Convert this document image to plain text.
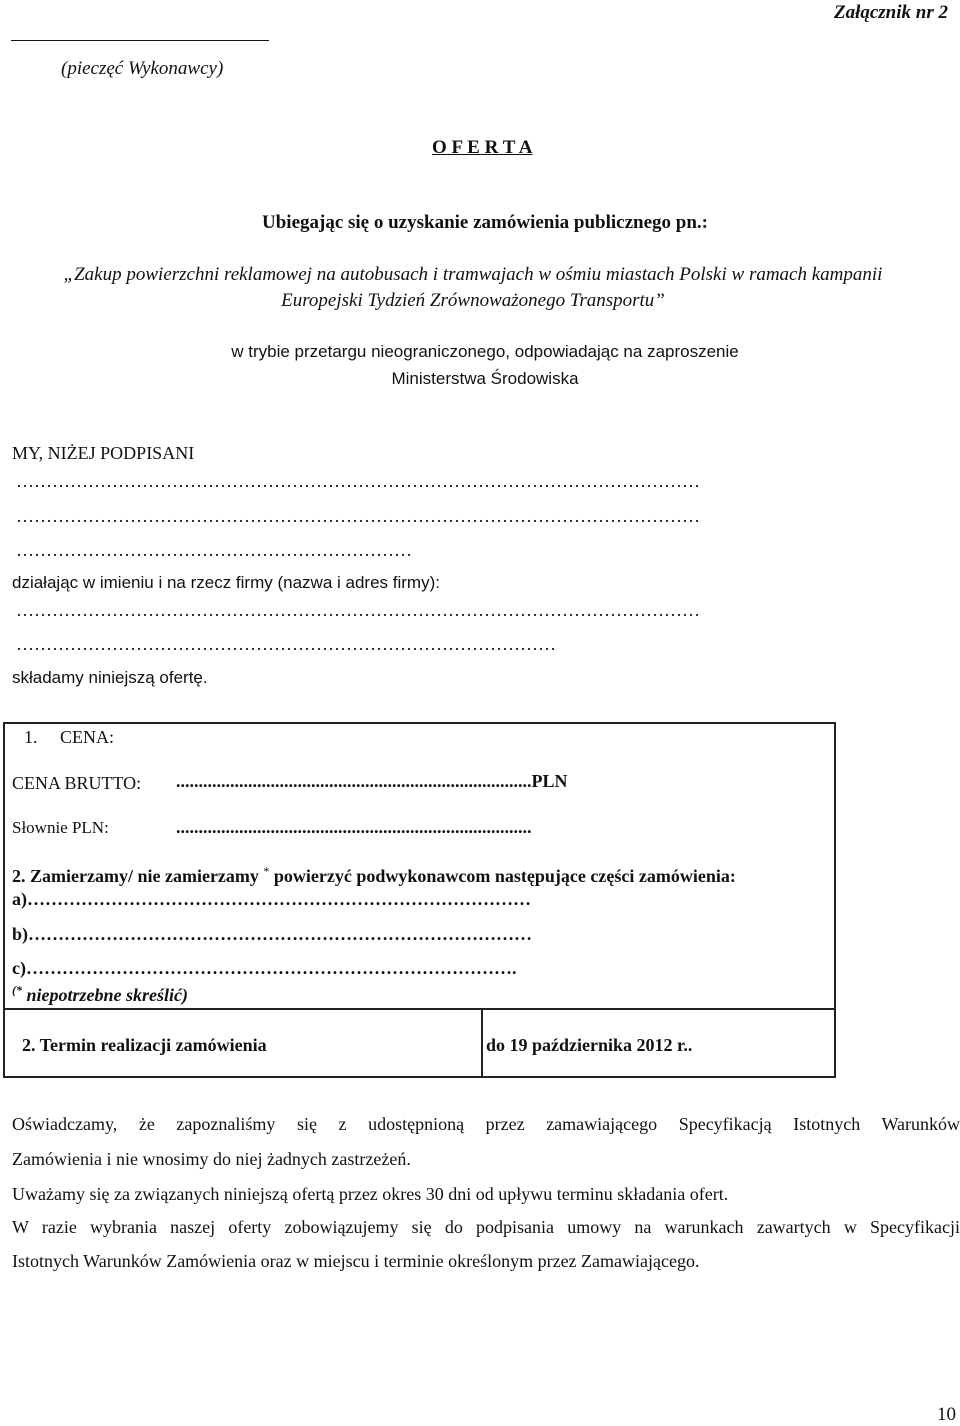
Załącznik nr 2
(pieczęć Wykonawcy)
O F E R T A
Ubiegając się o uzyskanie zamówienia publicznego pn.:
„Zakup powierzchni reklamowej na autobusach i tramwajach w ośmiu miastach Polski w ramach kampanii
Europejski Tydzień Zrównoważonego Transportu”
w trybie przetargu nieograniczonego, odpowiadając na zaproszenie
Ministerstwa Środowiska
MY, NIŻEJ PODPISANI
……………………………………………………………………………………………………
……………………………………………………………………………………………………
…………………………………………………………
działając w imieniu i na rzecz firmy (nazwa i adres firmy):
……………………………………………………………………………………………………
………………………………………………………………………………
składamy niniejszą ofertę.
1. CENA:
CENA BRUTTO: ...............................................................................PLN
Słownie PLN:	...............................................................................
2. Zamierzamy/ nie zamierzamy * powierzyć podwykonawcom następujące części zamówienia:
a)…………………………………………………………………………
b)…………………………………………………………………………
c)……………………………………………………………………….
(* niepotrzebne skreślić)
2. Termin realizacji zamówienia	do 19 października 2012 r..
Oświadczamy, że zapoznaliśmy się z udostępnioną przez zamawiającego Specyfikacją Istotnych Warunków
Zamówienia i nie wnosimy do niej żadnych zastrzeżeń.
Uważamy się za związanych niniejszą ofertą przez okres 30 dni od upływu terminu składania ofert.
W razie wybrania naszej oferty zobowiązujemy się do podpisania umowy na warunkach zawartych w Specyfikacji
Istotnych Warunków Zamówienia oraz w miejscu i terminie określonym przez Zamawiającego.
10
